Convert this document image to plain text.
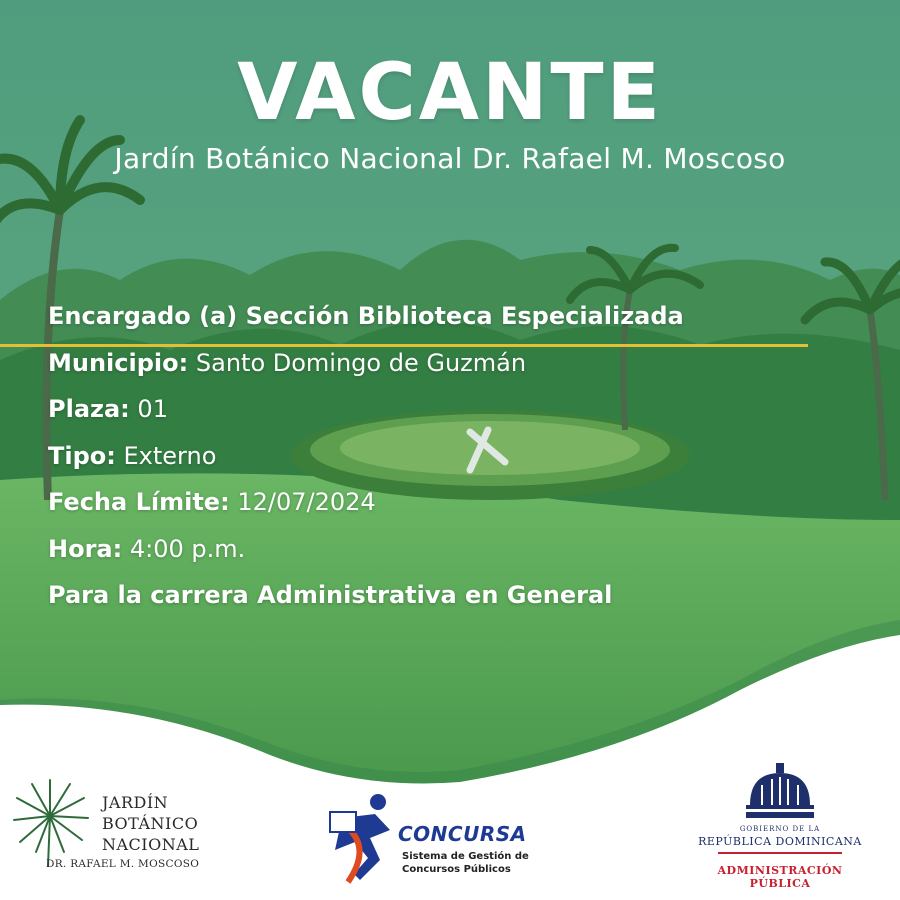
VACANTE
Jardín Botánico Nacional Dr. Rafael M. Moscoso
Encargado (a) Sección Biblioteca Especializada
Municipio: Santo Domingo de Guzmán
Plaza: 01
Tipo: Externo
Fecha Límite: 12/07/2024
Hora: 4:00 p.m.
Para la carrera Administrativa en General
JARDÍN
BOTÁNICO
NACIONAL
DR. RAFAEL M. MOSCOSO
CONCURSA
Sistema de Gestión de
Concursos Públicos
GOBIERNO DE LA
REPÚBLICA DOMINICANA
ADMINISTRACIÓN PÚBLICA
